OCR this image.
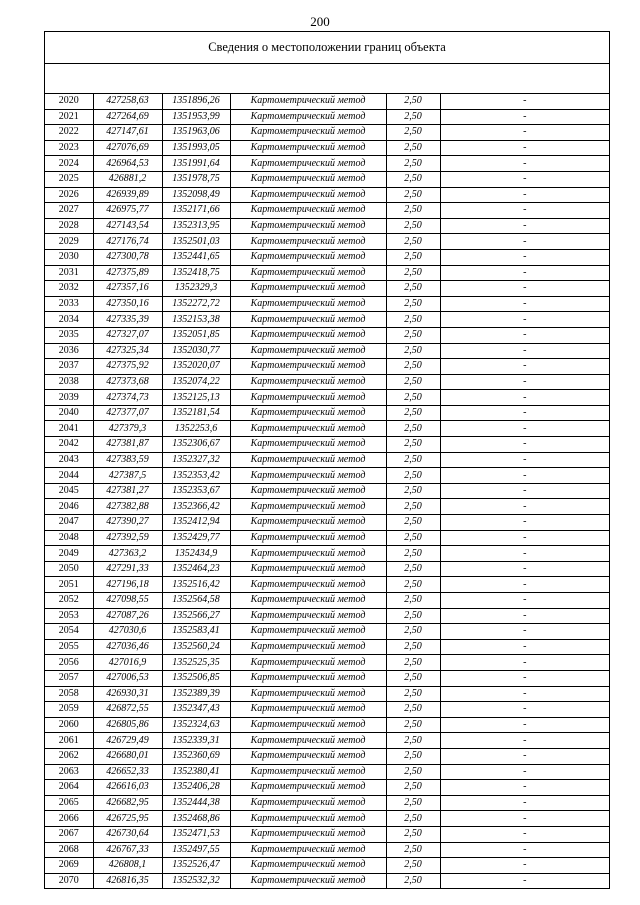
200
Сведения о местоположении границ объекта
2020	427258,63	1351896,26	Картометрический метод	2,50	-
2021	427264,69	1351953,99	Картометрический метод	2,50	-
2022	427147,61	1351963,06	Картометрический метод	2,50	-
2023	427076,69	1351993,05	Картометрический метод	2,50	-
2024	426964,53	1351991,64	Картометрический метод	2,50	-
2025	426881,2	1351978,75	Картометрический метод	2,50	-
2026	426939,89	1352098,49	Картометрический метод	2,50	-
2027	426975,77	1352171,66	Картометрический метод	2,50	-
2028	427143,54	1352313,95	Картометрический метод	2,50	-
2029	427176,74	1352501,03	Картометрический метод	2,50	-
2030	427300,78	1352441,65	Картометрический метод	2,50	-
2031	427375,89	1352418,75	Картометрический метод	2,50	-
2032	427357,16	1352329,3	Картометрический метод	2,50	-
2033	427350,16	1352272,72	Картометрический метод	2,50	-
2034	427335,39	1352153,38	Картометрический метод	2,50	-
2035	427327,07	1352051,85	Картометрический метод	2,50	-
2036	427325,34	1352030,77	Картометрический метод	2,50	-
2037	427375,92	1352020,07	Картометрический метод	2,50	-
2038	427373,68	1352074,22	Картометрический метод	2,50	-
2039	427374,73	1352125,13	Картометрический метод	2,50	-
2040	427377,07	1352181,54	Картометрический метод	2,50	-
2041	427379,3	1352253,6	Картометрический метод	2,50	-
2042	427381,87	1352306,67	Картометрический метод	2,50	-
2043	427383,59	1352327,32	Картометрический метод	2,50	-
2044	427387,5	1352353,42	Картометрический метод	2,50	-
2045	427381,27	1352353,67	Картометрический метод	2,50	-
2046	427382,88	1352366,42	Картометрический метод	2,50	-
2047	427390,27	1352412,94	Картометрический метод	2,50	-
2048	427392,59	1352429,77	Картометрический метод	2,50	-
2049	427363,2	1352434,9	Картометрический метод	2,50	-
2050	427291,33	1352464,23	Картометрический метод	2,50	-
2051	427196,18	1352516,42	Картометрический метод	2,50	-
2052	427098,55	1352564,58	Картометрический метод	2,50	-
2053	427087,26	1352566,27	Картометрический метод	2,50	-
2054	427030,6	1352583,41	Картометрический метод	2,50	-
2055	427036,46	1352560,24	Картометрический метод	2,50	-
2056	427016,9	1352525,35	Картометрический метод	2,50	-
2057	427006,53	1352506,85	Картометрический метод	2,50	-
2058	426930,31	1352389,39	Картометрический метод	2,50	-
2059	426872,55	1352347,43	Картометрический метод	2,50	-
2060	426805,86	1352324,63	Картометрический метод	2,50	-
2061	426729,49	1352339,31	Картометрический метод	2,50	-
2062	426680,01	1352360,69	Картометрический метод	2,50	-
2063	426652,33	1352380,41	Картометрический метод	2,50	-
2064	426616,03	1352406,28	Картометрический метод	2,50	-
2065	426682,95	1352444,38	Картометрический метод	2,50	-
2066	426725,95	1352468,86	Картометрический метод	2,50	-
2067	426730,64	1352471,53	Картометрический метод	2,50	-
2068	426767,33	1352497,55	Картометрический метод	2,50	-
2069	426808,1	1352526,47	Картометрический метод	2,50	-
2070	426816,35	1352532,32	Картометрический метод	2,50	-
